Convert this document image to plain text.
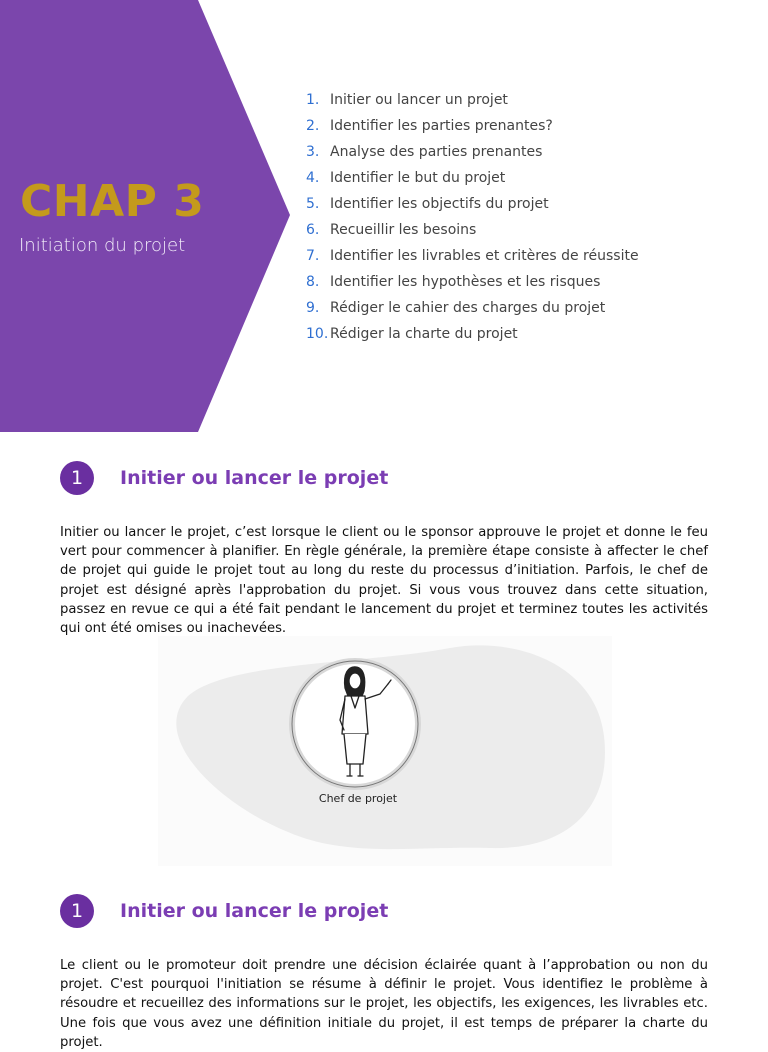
CHAP 3
Initiation du projet
1. Initier ou lancer un projet
2. Identifier les parties prenantes?
3. Analyse des parties prenantes
4. Identifier le but du projet
5. Identifier les objectifs du projet
6. Recueillir les besoins
7. Identifier les livrables et critères de réussite
8. Identifier les hypothèses et les risques
9. Rédiger le cahier des charges du projet
10. Rédiger la charte du projet
1	Initier ou lancer le projet

Initier ou lancer le projet, c’est lorsque le client ou le sponsor approuve le projet et donne le feu vert pour commencer à planifier. En règle générale, la première étape consiste à affecter le chef de projet qui guide le projet tout au long du reste du processus d’initiation. Parfois, le chef de projet est désigné après l'approbation du projet. Si vous vous trouvez dans cette situation, passez en revue ce qui a été fait pendant le lancement du projet et terminez toutes les activités qui ont été omises ou inachevées.

Chef de projet
1	Initier ou lancer le projet

Le client ou le promoteur doit prendre une décision éclairée quant à l’approbation ou non du projet. C'est pourquoi l'initiation se résume à définir le projet. Vous identifiez le problème à résoudre et recueillez des informations sur le projet, les objectifs, les exigences, les livrables etc. Une fois que vous avez une définition initiale du projet, il est temps de préparer la charte du projet.
